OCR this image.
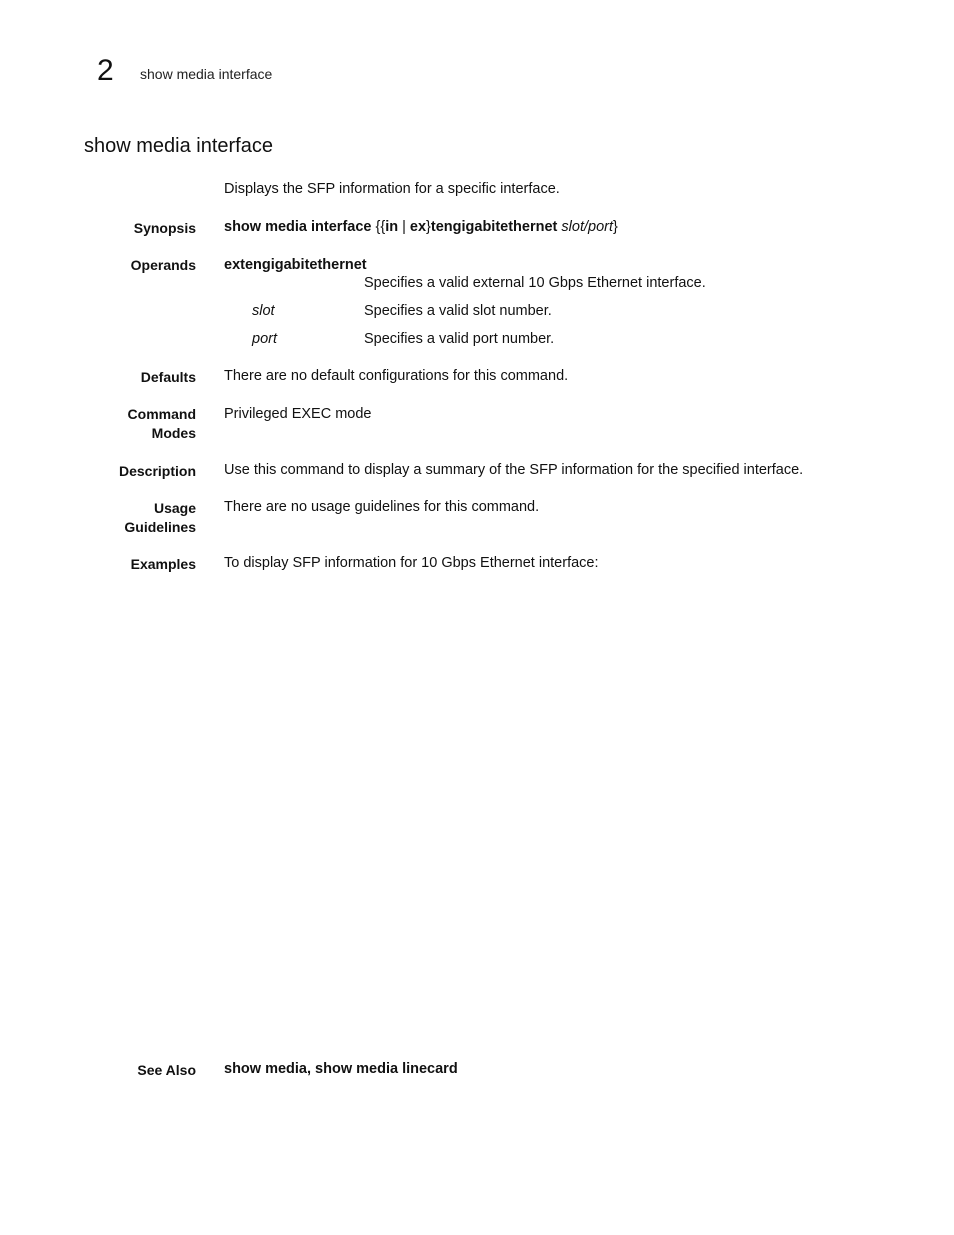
2 show media interface
show media interface
Displays the SFP information for a specific interface.
Synopsis show media interface {{in | ex}tengigabitethernet slot/port}
Operands extengigabitethernet
Specifies a valid external 10 Gbps Ethernet interface.
slot	Specifies a valid slot number.
port	Specifies a valid port number.
Defaults There are no default configurations for this command.
Command
Modes
Privileged EXEC mode
Description Use this command to display a summary of the SFP information for the specified interface.
Usage
Guidelines
There are no usage guidelines for this command.
Examples To display SFP information for 10 Gbps Ethernet interface:
See Also show media, show media linecard
